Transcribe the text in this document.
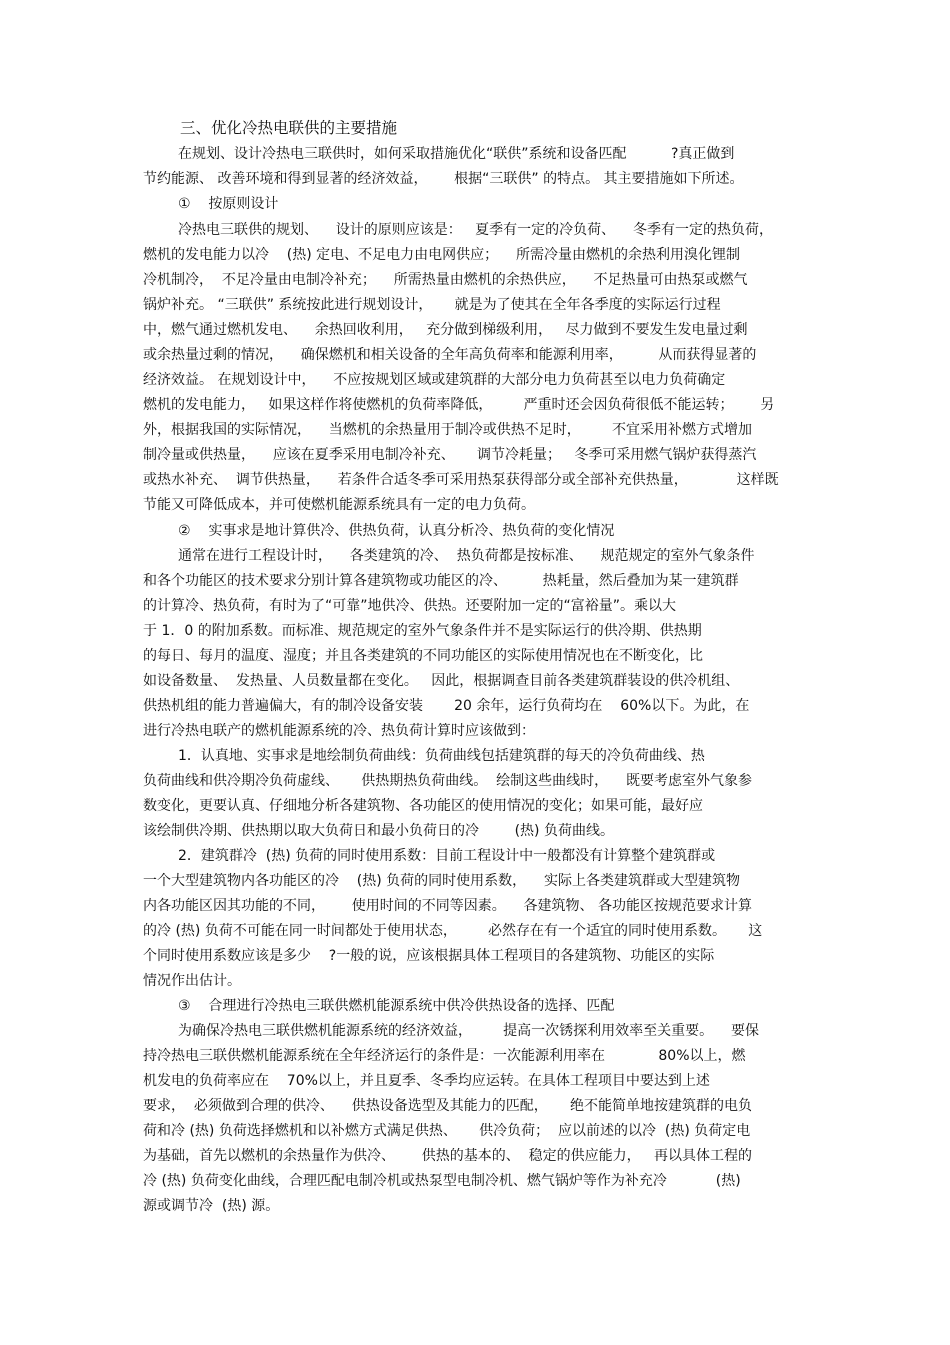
三、优化冷热电联供的主要措施
在规划、设计冷热电三联供时，如何采取措施优化“联供”系统和设备匹配          ?真正做到
节约能源、 改善环境和得到显著的经济效益，      根据“三联供” 的特点。 其主要措施如下所述。
①    按原则设计
冷热电三联供的规划、    设计的原则应该是：   夏季有一定的冷负荷、    冬季有一定的热负荷，
燃机的发电能力以冷    (热) 定电、不足电力由电网供应；    所需冷量由燃机的余热利用溴化锂制
冷机制冷，  不足冷量由电制冷补充；    所需热量由燃机的余热供应，    不足热量可由热泵或燃气
锅炉补充。 “三联供” 系统按此进行规划设计，     就是为了使其在全年各季度的实际运行过程
中，燃气通过燃机发电、    余热回收利用，   充分做到梯级利用，   尽力做到不要发生发电量过剩
或余热量过剩的情况，    确保燃机和相关设备的全年高负荷率和能源利用率，        从而获得显著的
经济效益。 在规划设计中，    不应按规划区域或建筑群的大部分电力负荷甚至以电力负荷确定
燃机的发电能力，   如果这样作将使燃机的负荷率降低，       严重时还会因负荷很低不能运转；      另
外，根据我国的实际情况，    当燃机的余热量用于制冷或供热不足时，       不宜采用补燃方式增加
制冷量或供热量，    应该在夏季采用电制冷补充、     调节冷耗量；   冬季可采用燃气锅炉获得蒸汽
或热水补充、  调节供热量，    若条件合适冬季可采用热泵获得部分或全部补充供热量，           这样既
节能又可降低成本，并可使燃机能源系统具有一定的电力负荷。
②    实事求是地计算供冷、供热负荷，认真分析冷、热负荷的变化情况
通常在进行工程设计时，    各类建筑的冷、  热负荷都是按标准、    规范规定的室外气象条件
和各个功能区的技术要求分别计算各建筑物或功能区的冷、        热耗量，然后叠加为某一建筑群
的计算冷、热负荷，有时为了“可靠”地供冷、供热。还要附加一定的“富裕量”。乘以大
于 1．0 的附加系数。而标准、规范规定的室外气象条件并不是实际运行的供冷期、供热期
的每日、每月的温度、湿度；并且各类建筑的不同功能区的实际使用情况也在不断变化，比
如设备数量、  发热量、人员数量都在变化。   因此，根据调查目前各类建筑群装设的供冷机组、
供热机组的能力普遍偏大，有的制冷设备安装       20 余年，运行负荷均在    60%以下。为此，在
进行冷热电联产的燃机能源系统的冷、热负荷计算时应该做到：
1．认真地、实事求是地绘制负荷曲线：负荷曲线包括建筑群的每天的冷负荷曲线、热
负荷曲线和供冷期冷负荷虚线、     供热期热负荷曲线。  绘制这些曲线时，    既要考虑室外气象参
数变化，更要认真、仔细地分析各建筑物、各功能区的使用情况的变化；如果可能，最好应
该绘制供冷期、供热期以取大负荷日和最小负荷日的冷        (热) 负荷曲线。
2．建筑群冷  (热) 负荷的同时使用系数：目前工程设计中一般都没有计算整个建筑群或
一个大型建筑物内各功能区的冷    (热) 负荷的同时使用系数，    实际上各类建筑群或大型建筑物
内各功能区因其功能的不同，      使用时间的不同等因素。    各建筑物、 各功能区按规范要求计算
的冷 (热) 负荷不可能在同一时间都处于使用状态，       必然存在有一个适宜的同时使用系数。     这
个同时使用系数应该是多少    ?一般的说，应该根据具体工程项目的各建筑物、功能区的实际
情况作出估计。
③    合理进行冷热电三联供燃机能源系统中供冷供热设备的选择、匹配
为确保冷热电三联供燃机能源系统的经济效益，       提高一次锈探利用效率至关重要。    要保
持冷热电三联供燃机能源系统在全年经济运行的条件是：一次能源利用率在            80%以上，燃
机发电的负荷率应在    70%以上，并且夏季、冬季均应运转。在具体工程项目中要达到上述
要求，  必须做到合理的供冷、    供热设备选型及其能力的匹配，     绝不能简单地按建筑群的电负
荷和冷 (热) 负荷选择燃机和以补燃方式满足供热、     供冷负荷；  应以前述的以冷  (热) 负荷定电
为基础，首先以燃机的余热量作为供冷、      供热的基本的、  稳定的供应能力，   再以具体工程的
冷 (热) 负荷变化曲线，合理匹配电制冷机或热泵型电制冷机、燃气锅炉等作为补充冷           (热)
源或调节冷  (热) 源。
